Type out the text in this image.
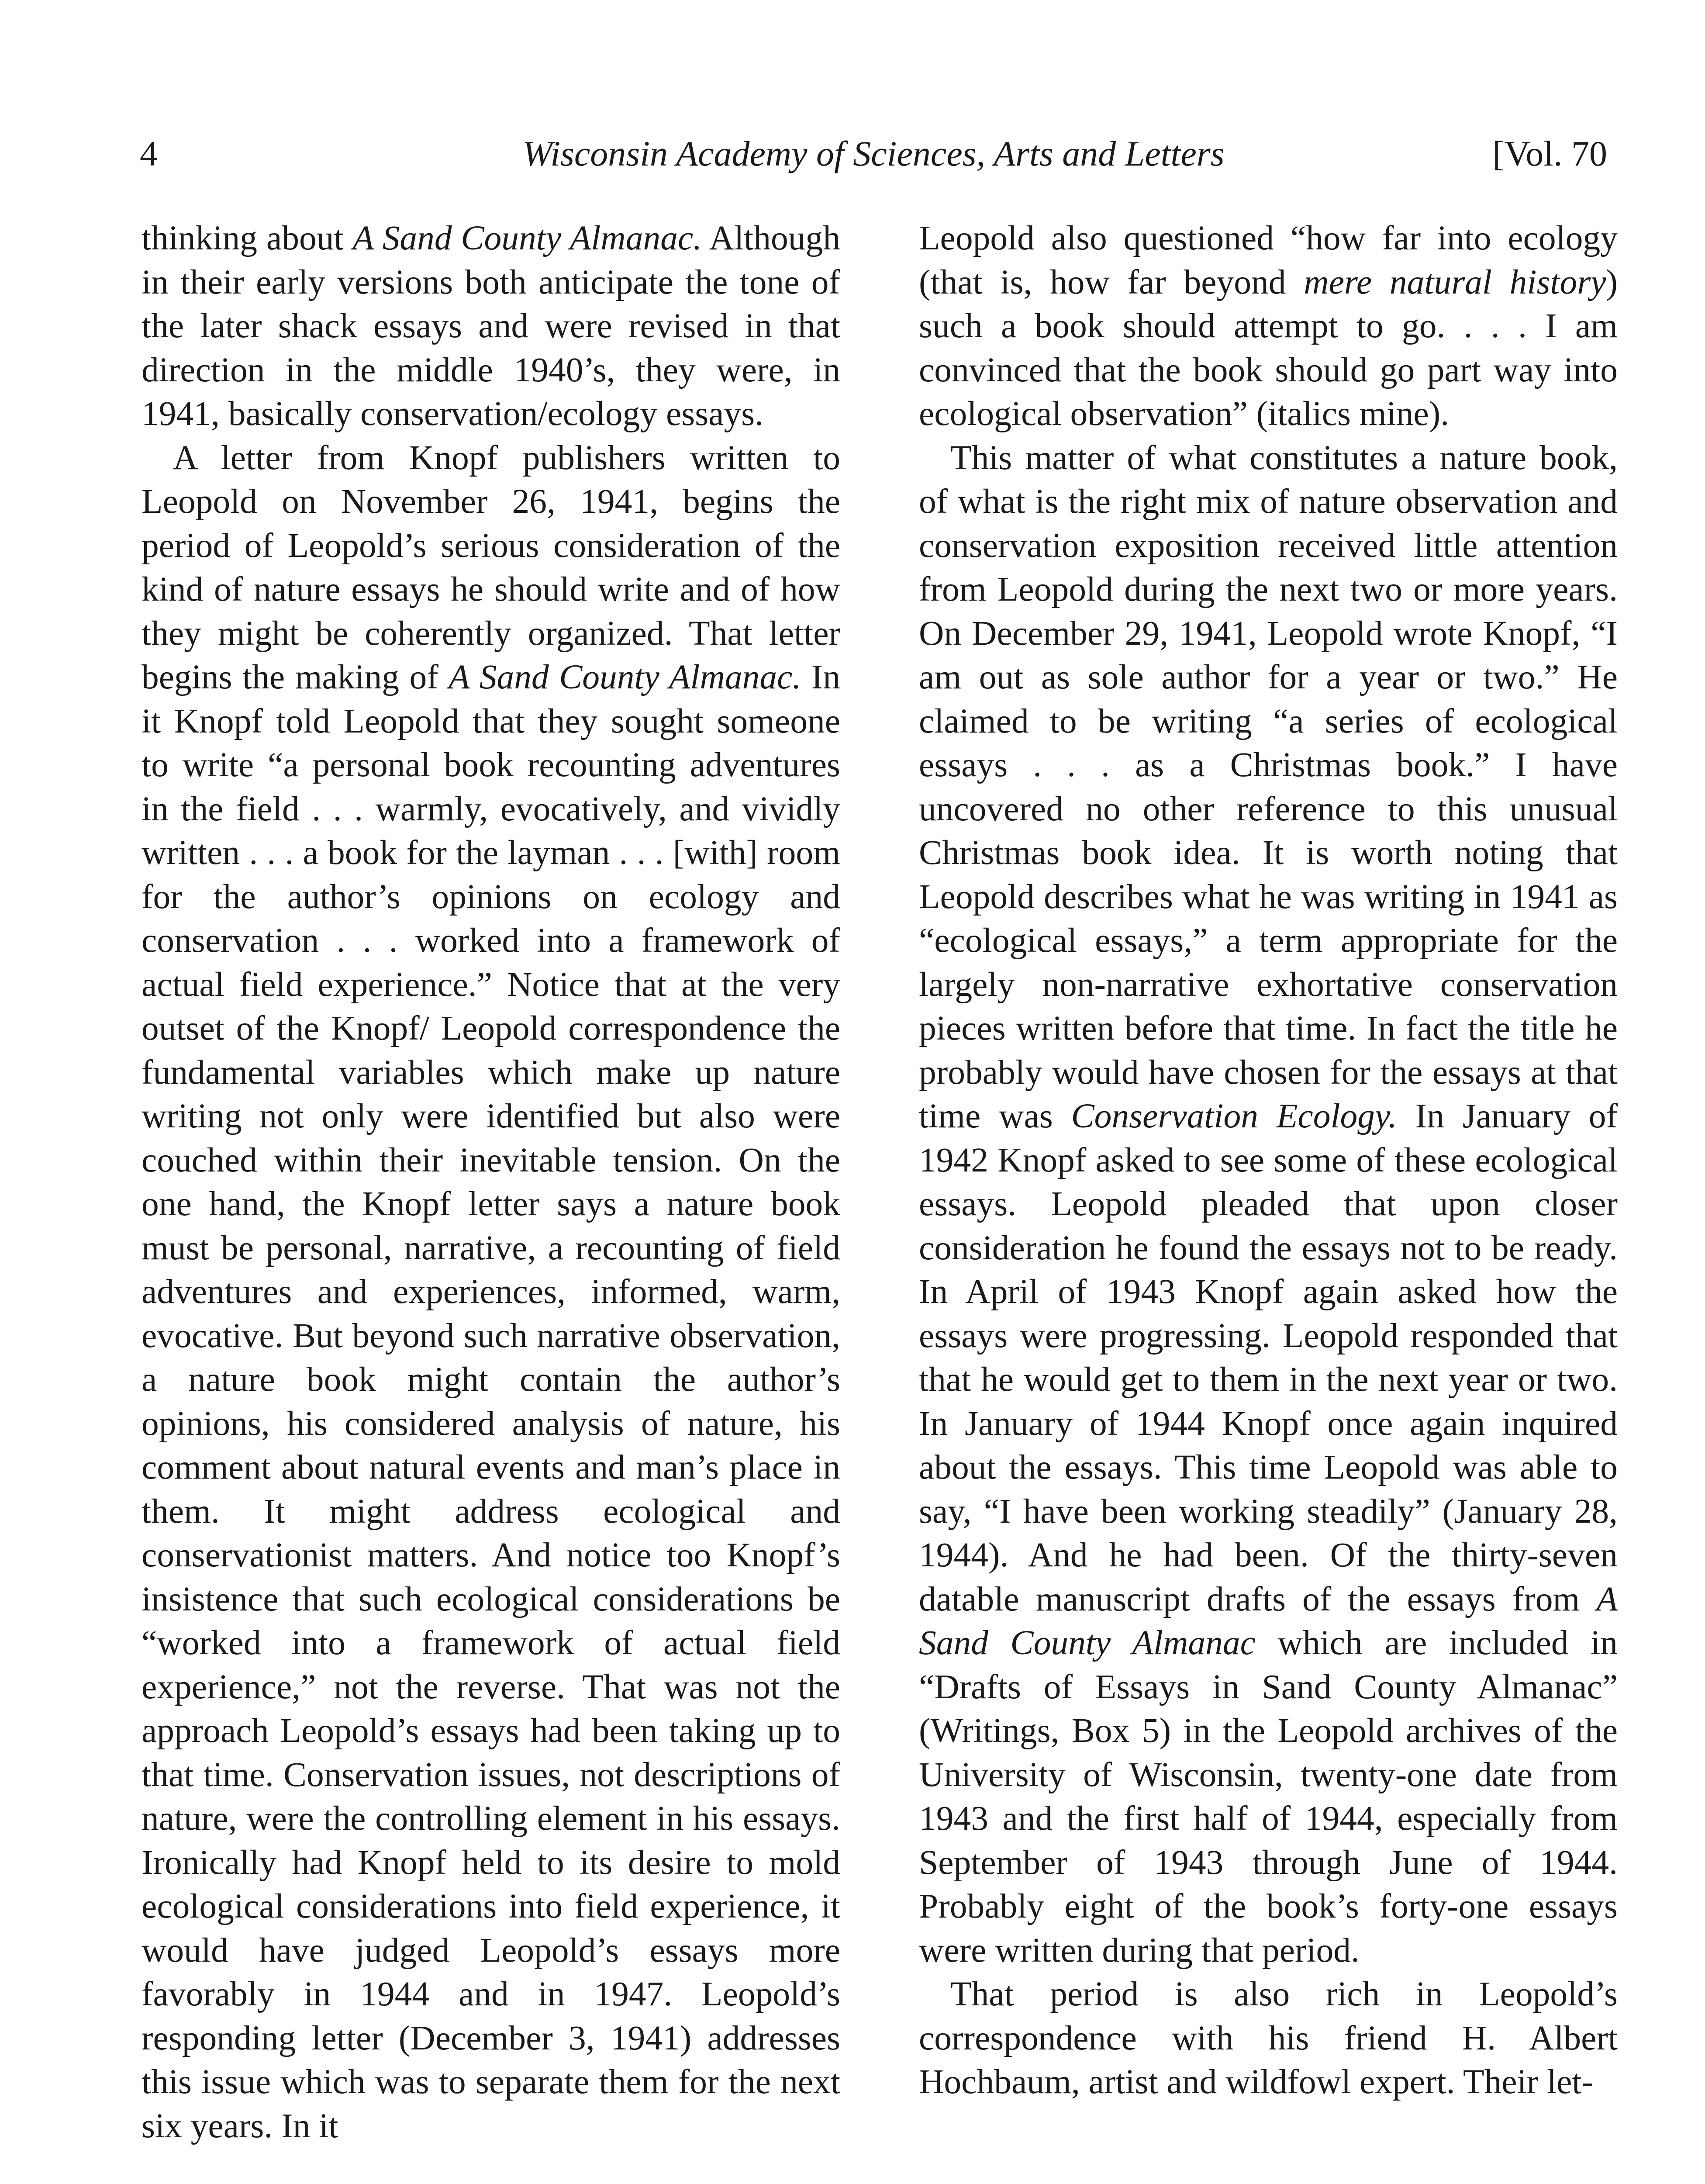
4	Wisconsin Academy of Sciences, Arts and Letters	[Vol. 70

thinking about A Sand County Almanac. Although in their early versions both anticipate the tone of the later shack essays and were revised in that direction in the middle 1940’s, they were, in 1941, basically conservation/ecology essays.

A letter from Knopf publishers written to Leopold on November 26, 1941, begins the period of Leopold’s serious consideration of the kind of nature essays he should write and of how they might be coherently organized. That letter begins the making of A Sand County Almanac. In it Knopf told Leopold that they sought someone to write “a personal book recounting adventures in the field . . . warmly, evocatively, and vividly written . . . a book for the layman . . . [with] room for the author’s opinions on ecology and conservation . . . worked into a framework of actual field experience.” Notice that at the very outset of the Knopf/ Leopold correspondence the fundamental variables which make up nature writing not only were identified but also were couched within their inevitable tension. On the one hand, the Knopf letter says a nature book must be personal, narrative, a recounting of field adventures and experiences, informed, warm, evocative. But beyond such narrative observation, a nature book might contain the author’s opinions, his considered analysis of nature, his comment about natural events and man’s place in them. It might address ecological and conservationist matters. And notice too Knopf’s insistence that such ecological considerations be “worked into a framework of actual field experience,” not the reverse. That was not the approach Leopold’s essays had been taking up to that time. Conservation issues, not descriptions of nature, were the controlling element in his essays. Ironically had Knopf held to its desire to mold ecological considerations into field experience, it would have judged Leopold’s essays more favorably in 1944 and in 1947. Leopold’s responding letter (December 3, 1941) addresses this issue which was to separate them for the next six years. In it

Leopold also questioned “how far into ecology (that is, how far beyond mere natural history) such a book should attempt to go. . . . I am convinced that the book should go part way into ecological observation” (italics mine).

This matter of what constitutes a nature book, of what is the right mix of nature observation and conservation exposition received little attention from Leopold during the next two or more years. On December 29, 1941, Leopold wrote Knopf, “I am out as sole author for a year or two.” He claimed to be writing “a series of ecological essays . . . as a Christmas book.” I have uncovered no other reference to this unusual Christmas book idea. It is worth noting that Leopold describes what he was writing in 1941 as “ecological essays,” a term appropriate for the largely non-narrative exhortative conservation pieces written before that time. In fact the title he probably would have chosen for the essays at that time was Conservation Ecology. In January of 1942 Knopf asked to see some of these ecological essays. Leopold pleaded that upon closer consideration he found the essays not to be ready. In April of 1943 Knopf again asked how the essays were progressing. Leopold responded that that he would get to them in the next year or two. In January of 1944 Knopf once again inquired about the essays. This time Leopold was able to say, “I have been working steadily” (January 28, 1944). And he had been. Of the thirty-seven datable manuscript drafts of the essays from A Sand County Almanac which are included in “Drafts of Essays in Sand County Almanac” (Writings, Box 5) in the Leopold archives of the University of Wisconsin, twenty-one date from 1943 and the first half of 1944, especially from September of 1943 through June of 1944. Probably eight of the book’s forty-one essays were written during that period.

That period is also rich in Leopold’s correspondence with his friend H. Albert Hochbaum, artist and wildfowl expert. Their let-
